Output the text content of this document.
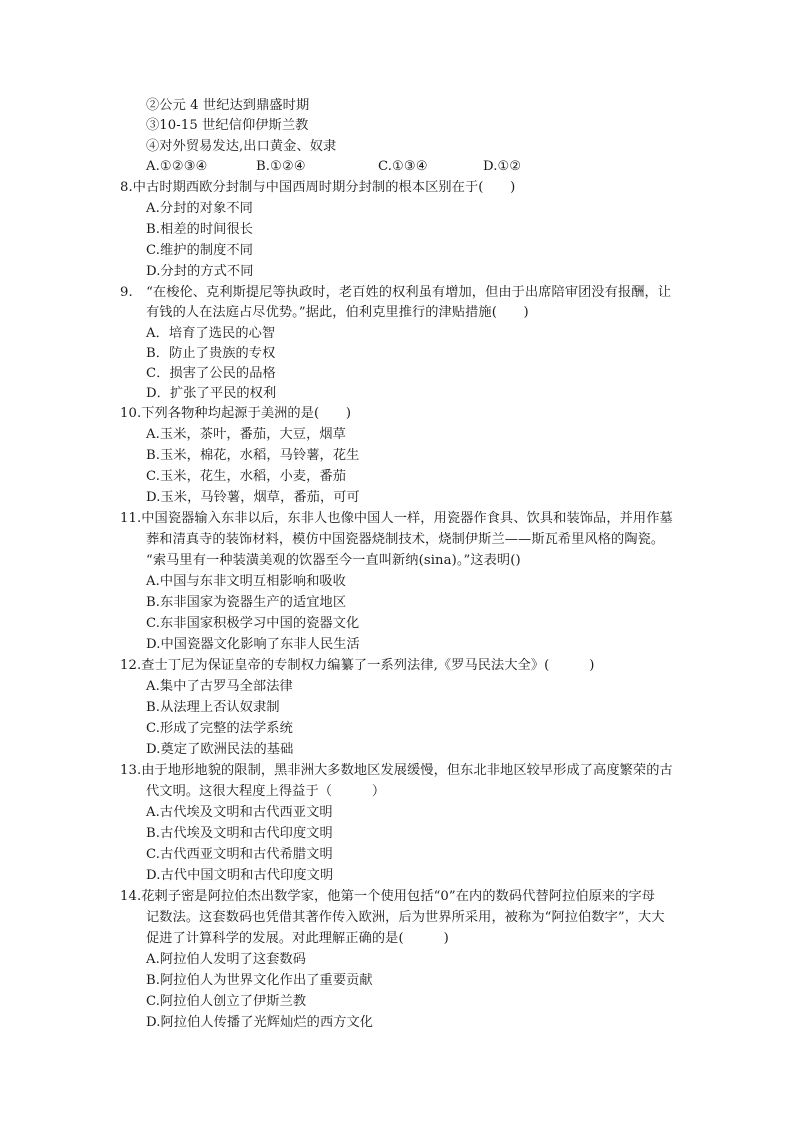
②公元 4 世纪达到鼎盛时期
③10-15 世纪信仰伊斯兰教
④对外贸易发达,出口黄金、奴隶
A.①②③④	B.①②④	C.①③④	D.①②
8.中古时期西欧分封制与中国西周时期分封制的根本区别在于(　　)
A.分封的对象不同
B.相差的时间很长
C.维护的制度不同
D.分封的方式不同
9.　“在梭伦、克利斯提尼等执政时，老百姓的权利虽有增加，但由于出席陪审团没有报酬，让
有钱的人在法庭占尽优势。”据此，伯利克里推行的津贴措施(　　)
A．培育了选民的心智
B．防止了贵族的专权
C．损害了公民的品格
D．扩张了平民的权利
10.下列各物种均起源于美洲的是(　　)
A.玉米，茶叶，番茄，大豆，烟草
B.玉米，棉花，水稻，马铃薯，花生
C.玉米，花生，水稻，小麦，番茄
D.玉米，马铃薯，烟草，番茄，可可
11.中国瓷器输入东非以后，东非人也像中国人一样，用瓷器作食具、饮具和装饰品，并用作墓
葬和清真寺的装饰材料，模仿中国瓷器烧制技术，烧制伊斯兰——斯瓦希里风格的陶瓷。
“索马里有一种装潢美观的饮器至今一直叫新纳(sina)。”这表明()
A.中国与东非文明互相影响和吸收
B.东非国家为瓷器生产的适宜地区
C.东非国家积极学习中国的瓷器文化
D.中国瓷器文化影响了东非人民生活
12.查士丁尼为保证皇帝的专制权力编纂了一系列法律,《罗马民法大全》(　　　)
A.集中了古罗马全部法律
B.从法理上否认奴隶制
C.形成了完整的法学系统
D.奠定了欧洲民法的基础
13.由于地形地貌的限制，黑非洲大多数地区发展缓慢，但东北非地区较早形成了高度繁荣的古
代文明。这很大程度上得益于（　　　）
A.古代埃及文明和古代西亚文明
B.古代埃及文明和古代印度文明
C.古代西亚文明和古代希腊文明
D.古代中国文明和古代印度文明
14.花剌子密是阿拉伯杰出数学家，他第一个使用包括“0”在内的数码代替阿拉伯原来的字母
记数法。这套数码也凭借其著作传入欧洲，后为世界所采用，被称为“阿拉伯数字”，大大
促进了计算科学的发展。对此理解正确的是(　　　)
A.阿拉伯人发明了这套数码
B.阿拉伯人为世界文化作出了重要贡献
C.阿拉伯人创立了伊斯兰教
D.阿拉伯人传播了光辉灿烂的西方文化
